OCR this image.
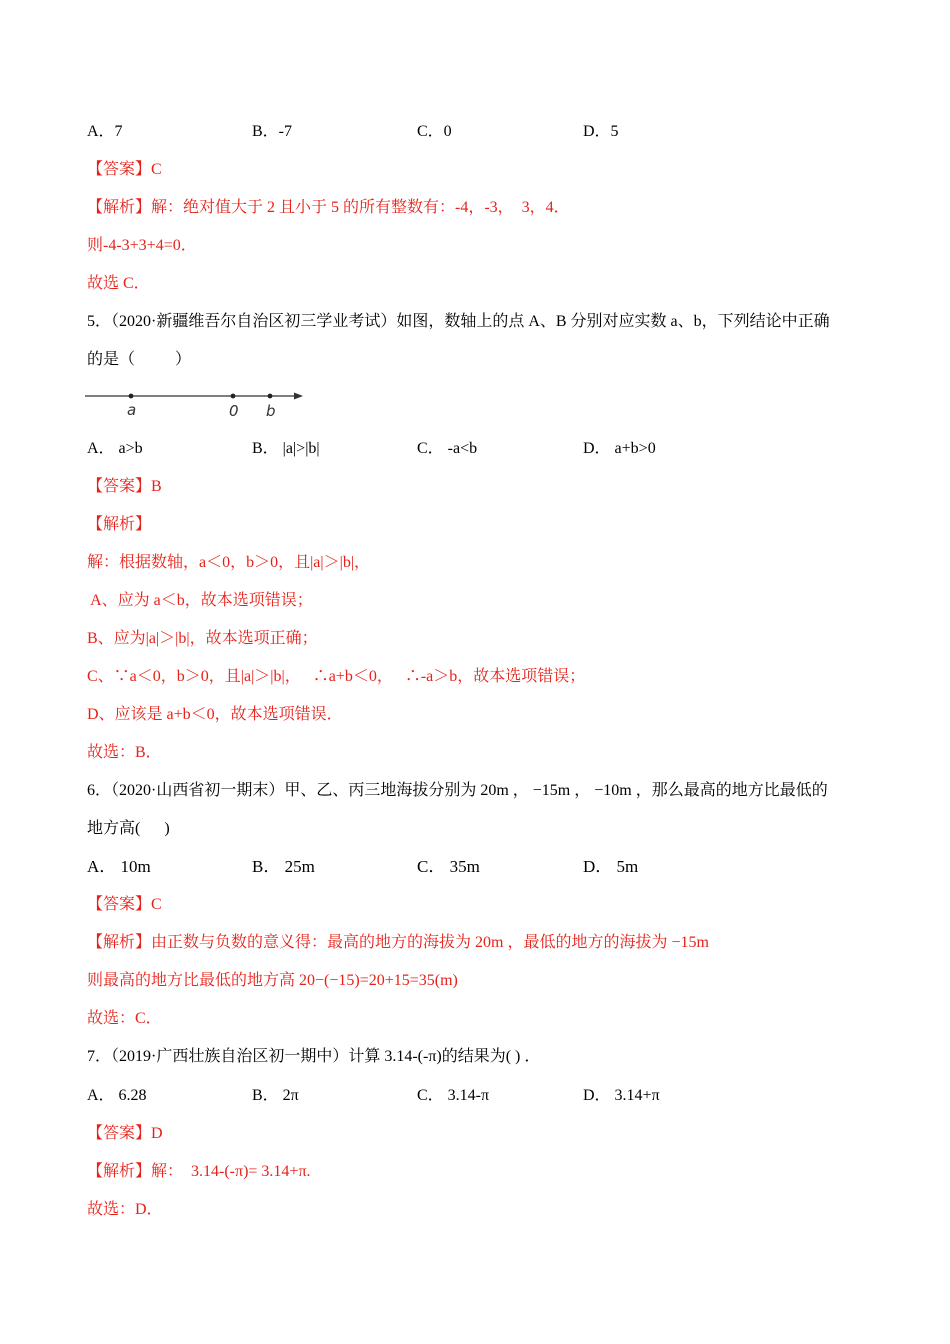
A．7	B．-7	C．0	D．5
【答案】C
【解析】解：绝对值大于 2 且小于 5 的所有整数有：-4，-3，  3，4．
则-4-3+3+4=0．
故选 C．
5．（2020·新疆维吾尔自治区初三学业考试）如图，数轴上的点 A、B 分别对应实数 a、b，下列结论中正确
的是（          ）
a	0 b
A． a>b	B． |a|>|b|	C． -a<b	D． a+b>0
【答案】B
【解析】
解：根据数轴，a＜0，b＞0，且|a|＞|b|，
A、应为 a＜b，故本选项错误；
B、应为|a|＞|b|，故本选项正确；
C、∵a＜0，b＞0，且|a|＞|b|，   ∴a+b＜0，   ∴-a＞b，故本选项错误；
D、应该是 a+b＜0，故本选项错误．
故选：B．
6．（2020·山西省初一期末）甲、乙、丙三地海拔分别为 20m ， −15m ， −10m ，那么最高的地方比最低的
地方高(      )
A． 10m	B． 25m	C． 35m	D． 5m
【答案】C
【解析】由正数与负数的意义得：最高的地方的海拔为 20m ，最低的地方的海拔为 −15m
则最高的地方比最低的地方高 20−(−15)=20+15=35(m)
故选：C．
7．（2019·广西壮族自治区初一期中）计算 3.14-(-π)的结果为( ) ．
A． 6.28	B． 2π	C． 3.14-π	D． 3.14+π
【答案】D
【解析】解：  3.14-(-π)= 3.14+π.
故选：D．
